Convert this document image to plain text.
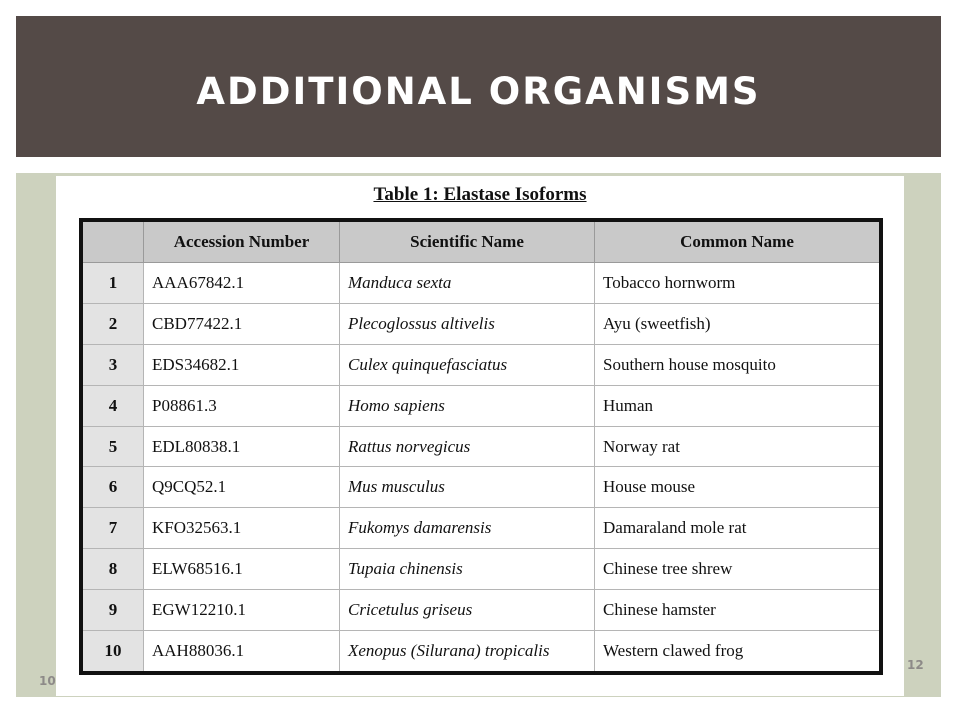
ADDITIONAL ORGANISMS
10
12
Table 1: Elastase Isoforms
	Accession Number	Scientific Name	Common Name
1	AAA67842.1	Manduca sexta	Tobacco hornworm
2	CBD77422.1	Plecoglossus altivelis	Ayu (sweetfish)
3	EDS34682.1	Culex quinquefasciatus	Southern house mosquito
4	P08861.3	Homo sapiens	Human
5	EDL80838.1	Rattus norvegicus	Norway rat
6	Q9CQ52.1	Mus musculus	House mouse
7	KFO32563.1	Fukomys damarensis	Damaraland mole rat
8	ELW68516.1	Tupaia chinensis	Chinese tree shrew
9	EGW12210.1	Cricetulus griseus	Chinese hamster
10	AAH88036.1	Xenopus (Silurana) tropicalis	Western clawed frog
